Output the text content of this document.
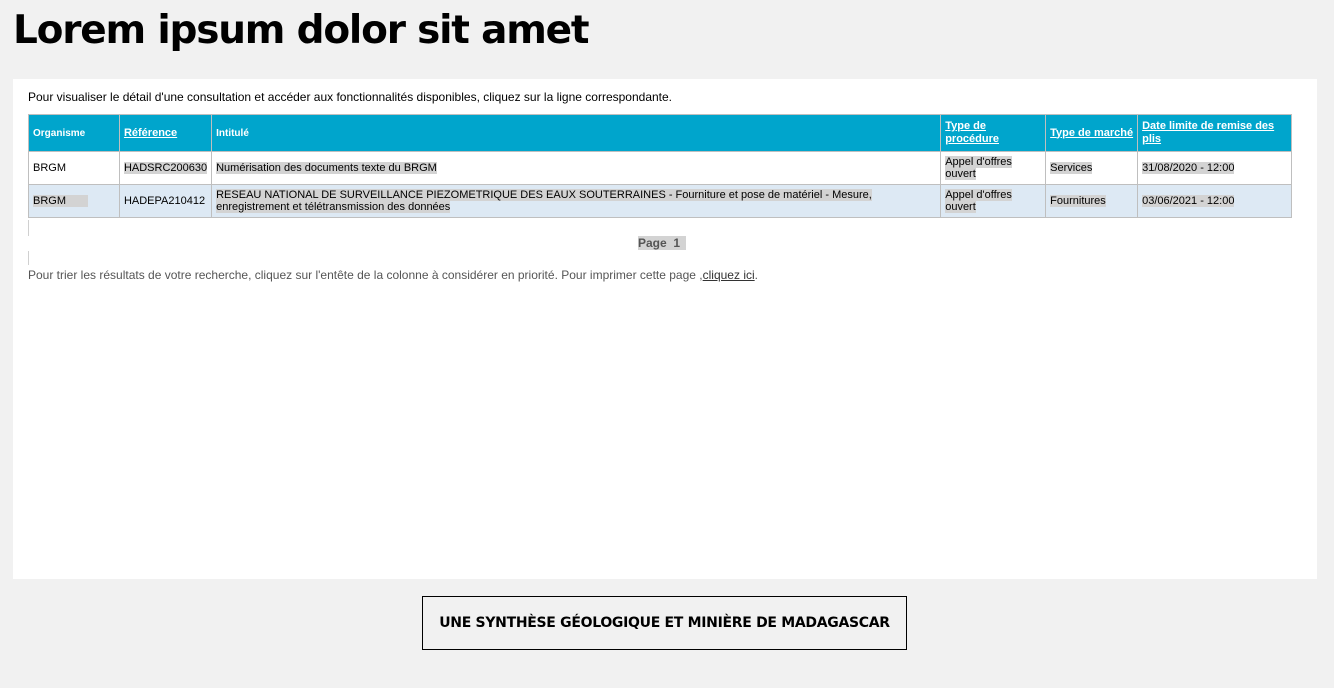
Lorem ipsum dolor sit amet

Pour visualiser le détail d'une consultation et accéder aux fonctionnalités disponibles, cliquez sur la ligne correspondante.

Organisme	Référence	Intitulé	Type de procédure	Type de marché	Date limite de remise des plis
BRGM	HADSRC200630	Numérisation des documents texte du BRGM	Appel d'offres ouvert	Services	31/08/2020 - 12:00
BRGM	HADEPA210412	RESEAU NATIONAL DE SURVEILLANCE PIEZOMETRIQUE DES EAUX SOUTERRAINES - Fourniture et pose de matériel - Mesure, enregistrement et télétransmission des données	Appel d'offres ouvert	Fournitures	03/06/2021 - 12:00
Page  1

Pour trier les résultats de votre recherche, cliquez sur l'entête de la colonne à considérer en priorité. Pour imprimer cette page ,cliquez ici.

UNE SYNTHÈSE GÉOLOGIQUE ET MINIÈRE DE MADAGASCAR
